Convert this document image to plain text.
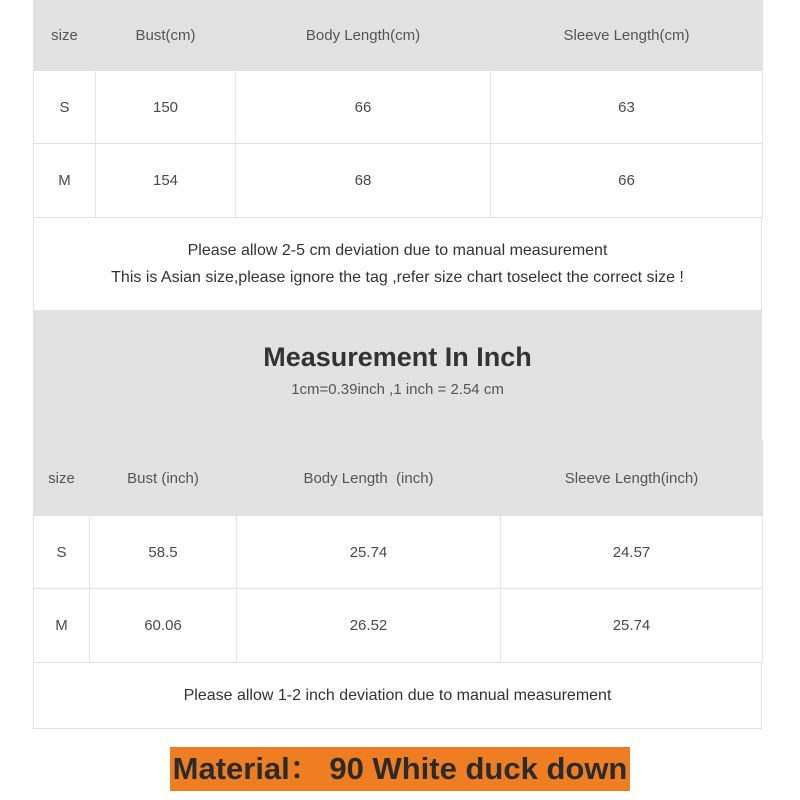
size	Bust(cm)	Body Length(cm)	Sleeve Length(cm)
S	150	66	63
M	154	68	66

Please allow 2-5 cm deviation due to manual measurement

This is Asian size,please ignore the tag ,refer size chart toselect the correct size !

Measurement In Inch
1cm=0.39inch ,1 inch = 2.54 cm
size	Bust (inch)	Body Length  (inch)	Sleeve Length(inch)
S	58.5	25.74	24.57
M	60.06	26.52	25.74

Please allow 1-2 inch deviation due to manual measurement

Material： 90 White duck down
